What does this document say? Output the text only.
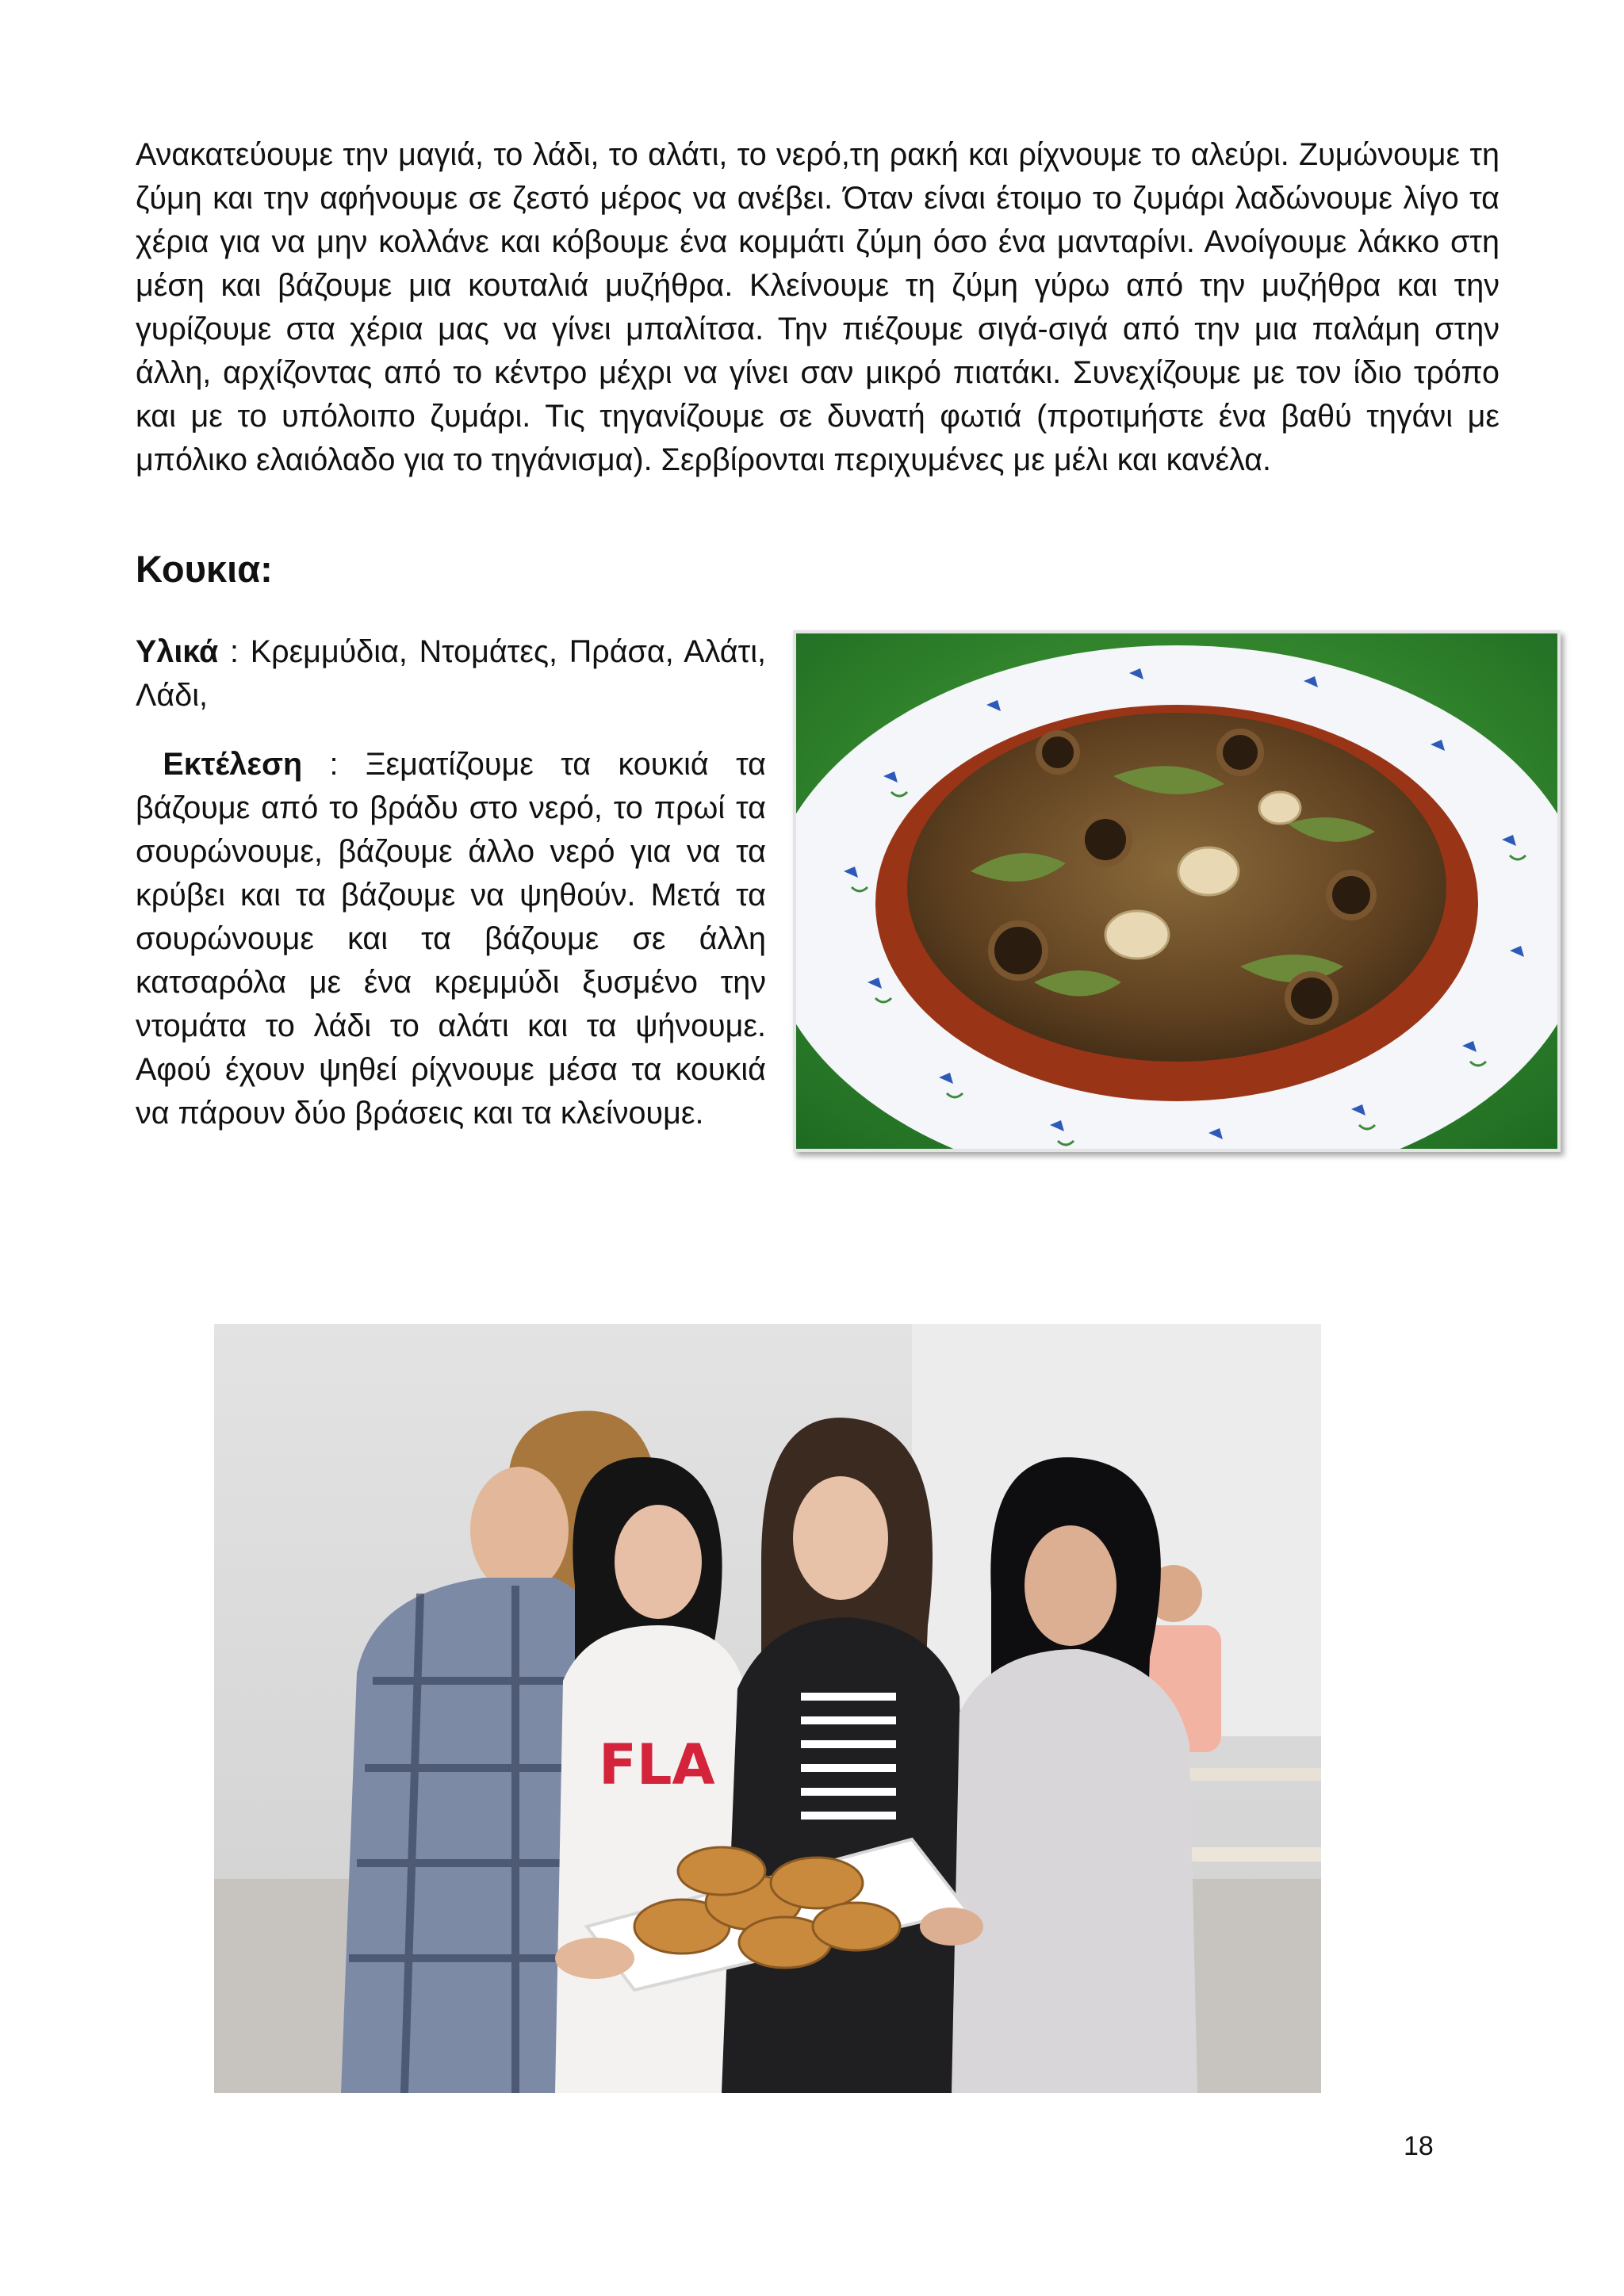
Ανακατεύουμε την μαγιά, το λάδι, το αλάτι, το νερό,τη ρακή και ρίχνουμε το αλεύρι. Ζυμώνουμε τη ζύμη και την αφήνουμε σε ζεστό μέρος να ανέβει. Όταν είναι έτοιμο το ζυμάρι λαδώνουμε λίγο τα χέρια για να μην κολλάνε και κόβουμε ένα κομμάτι ζύμη όσο ένα μανταρίνι. Ανοίγουμε λάκκο στη μέση και βάζουμε μια κουταλιά μυζήθρα. Κλείνουμε τη ζύμη γύρω από την μυζήθρα και την γυρίζουμε στα χέρια μας να γίνει μπαλίτσα. Την πιέζουμε σιγά-σιγά από την μια παλάμη στην άλλη, αρχίζοντας από το κέντρο μέχρι να γίνει σαν μικρό πιατάκι. Συνεχίζουμε με τον ίδιο τρόπο και με το υπόλοιπο ζυμάρι. Τις τηγανίζουμε σε δυνατή φωτιά (προτιμήστε ένα βαθύ τηγάνι με μπόλικο ελαιόλαδο για το τηγάνισμα). Σερβίρονται περιχυμένες με μέλι και κανέλα.

Κουκια:

Υλικά : Κρεμμύδια, Ντομάτες, Πράσα, Αλάτι, Λάδι,

Εκτέλεση : Ξεματίζουμε τα κουκιά τα βάζουμε από το βράδυ στο νερό, το πρωί τα σουρώνουμε, βάζουμε άλλο νερό για να τα κρύβει και τα βάζουμε να ψηθούν. Μετά τα σουρώνουμε και τα βάζουμε σε άλλη κατσαρόλα με ένα κρεμμύδι ξυσμένο την ντομάτα το λάδι το αλάτι και τα ψήνουμε. Αφού έχουν ψηθεί ρίχνουμε μέσα τα κουκιά να πάρουν δύο βράσεις και τα κλείνουμε.

FLA

18
